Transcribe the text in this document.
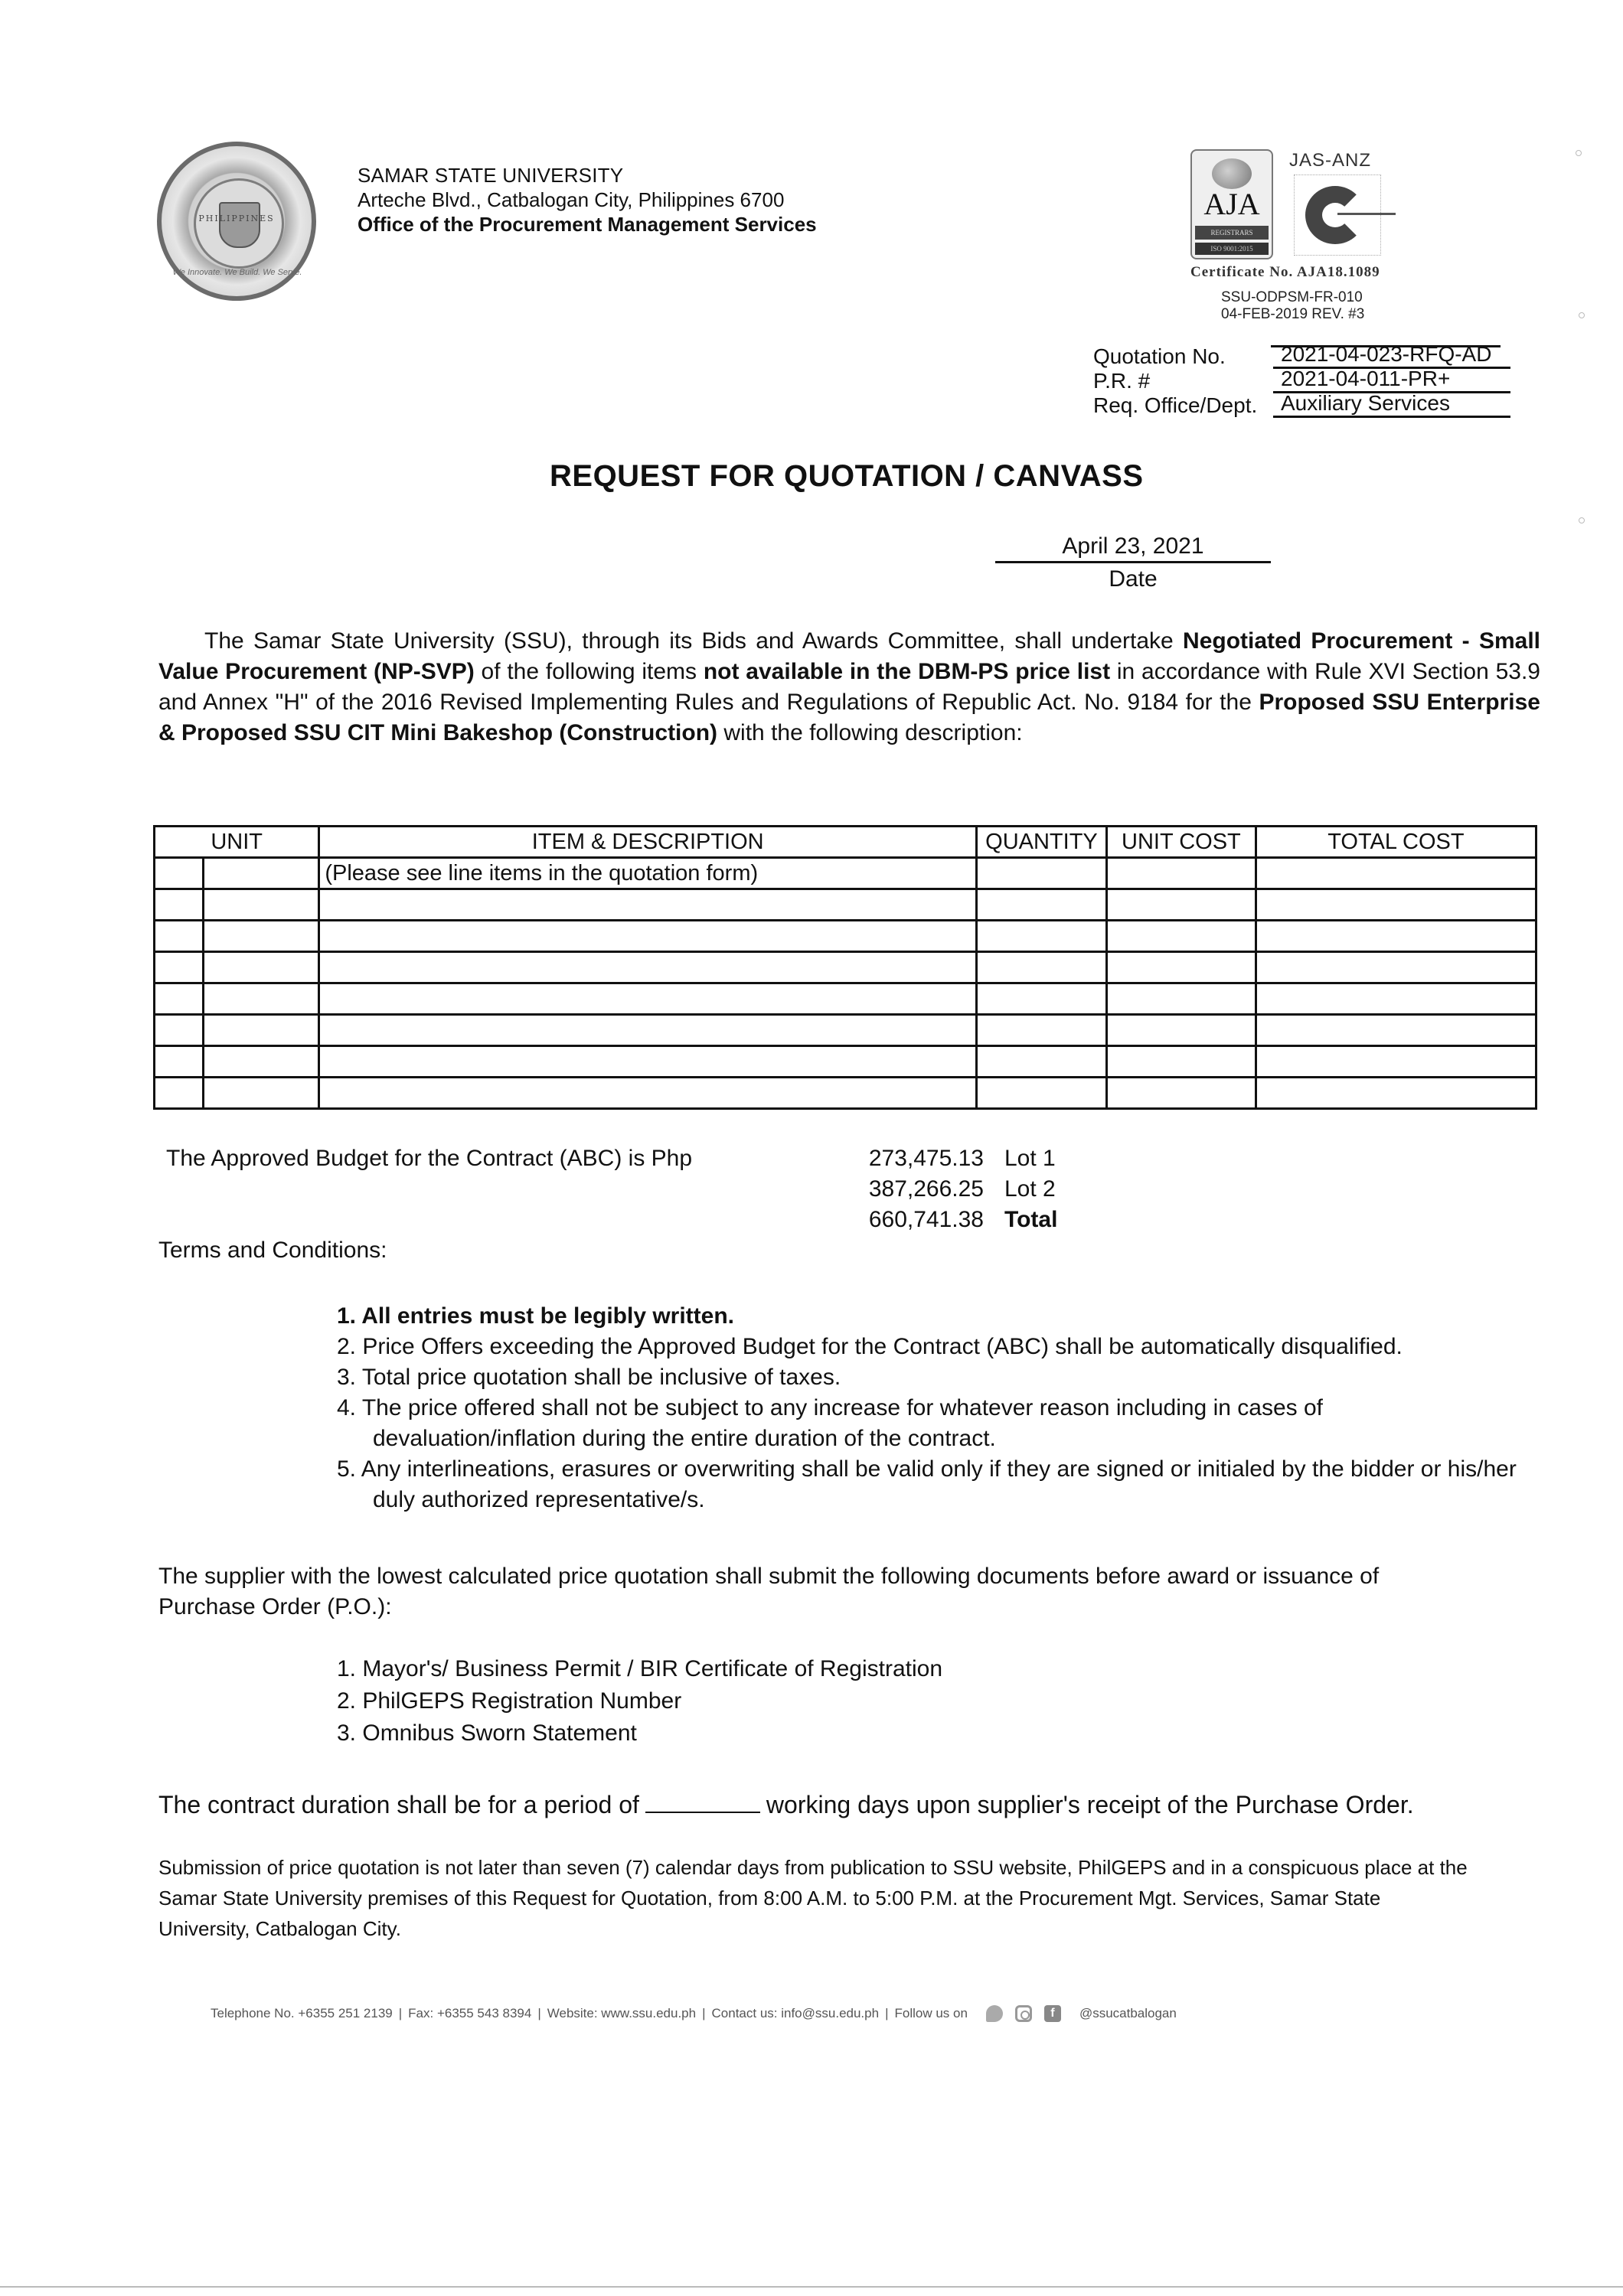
PHILIPPINES
We Innovate. We Build. We Serve.
SAMAR STATE UNIVERSITY
Arteche Blvd., Catbalogan City, Philippines 6700
Office of the Procurement Management Services
AJA
REGISTRARS
ISO 9001:2015
JAS-ANZ
Certificate No. AJA18.1089
SSU-ODPSM-FR-010
04-FEB-2019 REV. #3
Quotation No.	2021-04-023-RFQ-AD
P.R. #	2021-04-011-PR+
Req. Office/Dept.	Auxiliary Services
REQUEST FOR QUOTATION / CANVASS
April 23, 2021
Date
The Samar State University (SSU), through its Bids and Awards Committee, shall undertake Negotiated Procurement - Small Value Procurement (NP-SVP) of the following items not available in the DBM-PS price list in accordance with Rule XVI Section 53.9 and Annex "H" of the 2016 Revised Implementing Rules and Regulations of Republic Act. No. 9184 for the Proposed SSU Enterprise & Proposed SSU CIT Mini Bakeshop (Construction) with the following description:
UNIT		ITEM & DESCRIPTION	QUANTITY	UNIT COST	TOTAL COST
		(Please see line items in the quotation form)			

The Approved Budget for the Contract (ABC) is Php	273,475.13 Lot 1
387,266.25 Lot 2
660,741.38 Total
Terms and Conditions:
1. All entries must be legibly written.
2. Price Offers exceeding the Approved Budget for the Contract (ABC) shall be automatically disqualified.
3. Total price quotation shall be inclusive of taxes.
4. The price offered shall not be subject to any increase for whatever reason including in cases of devaluation/inflation during the entire duration of the contract.
5. Any interlineations, erasures or overwriting shall be valid only if they are signed or initialed by the bidder or his/her duly authorized representative/s.
The supplier with the lowest calculated price quotation shall submit the following documents before award or issuance of Purchase Order (P.O.):
1. Mayor's/ Business Permit / BIR Certificate of Registration
2. PhilGEPS Registration Number
3. Omnibus Sworn Statement
The contract duration shall be for a period of	working days upon supplier's receipt of the Purchase Order.
Submission of price quotation is not later than seven (7) calendar days from publication to SSU website, PhilGEPS and in a conspicuous place at the Samar State University premises of this Request for Quotation, from 8:00 A.M. to 5:00 P.M. at the Procurement Mgt. Services, Samar State University, Catbalogan City.
Telephone No. +6355 251 2139 | Fax: +6355 543 8394 | Website: www.ssu.edu.ph | Contact us: info@ssu.edu.ph | Follow us on	f	@ssucatbalogan
